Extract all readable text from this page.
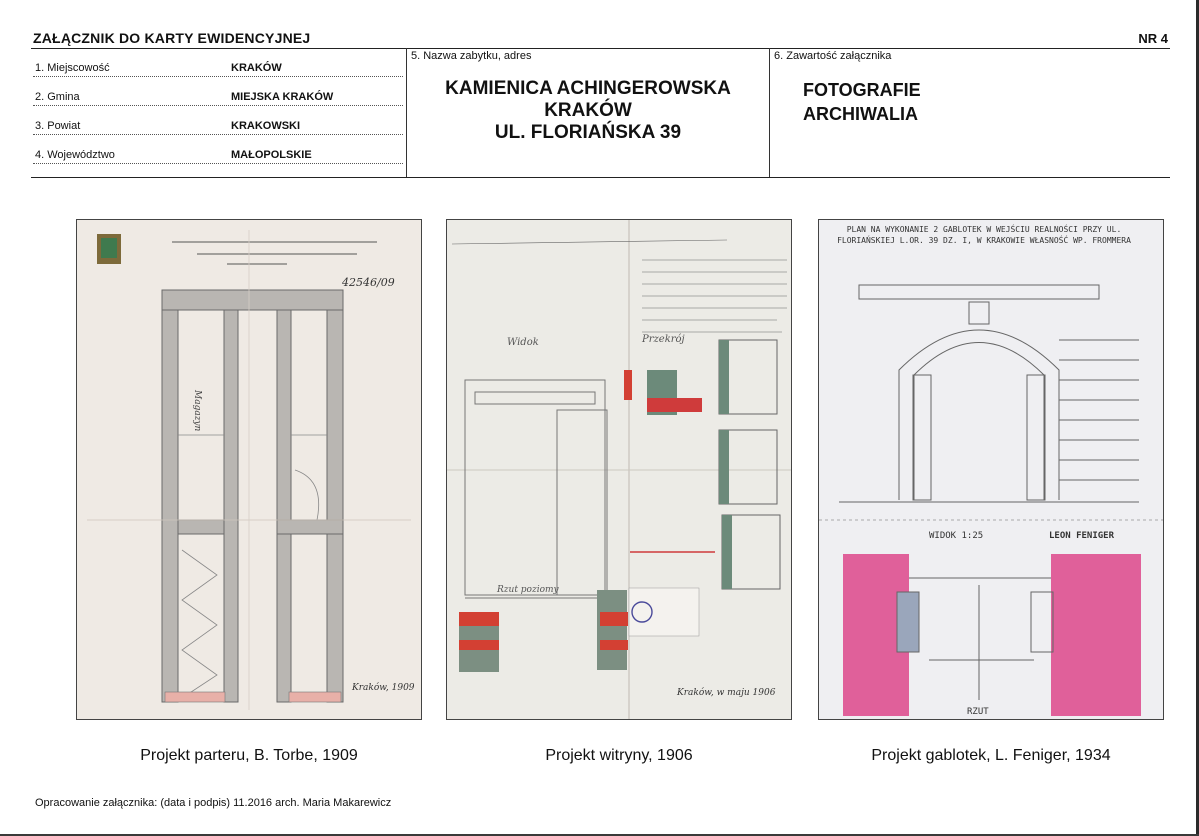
ZAŁĄCZNIK DO KARTY EWIDENCYJNEJ	NR 4
1. Miejscowość	KRAKÓW
2. Gmina	MIEJSKA KRAKÓW
3. Powiat	KRAKOWSKI
4. Województwo	MAŁOPOLSKIE
5. Nazwa zabytku, adres
KAMIENICA ACHINGEROWSKA
KRAKÓW
UL. FLORIAŃSKA 39
6. Zawartość załącznika
FOTOGRAFIE
ARCHIWALIA
42546/09
Magazyn
Kraków, 1909
Widok	Przekrój
Rzut poziomy
Kraków, w maju 1906
PLAN NA WYKONANIE 2 GABLOTEK W WEJŚCIU REALNOŚCI PRZY UL. FLORIAŃSKIEJ L.OR. 39 DZ. I, W KRAKOWIE WŁASNOŚĆ WP. FROMMERA
WIDOK 1:25	LEON FENIGER
RZUT
Projekt parteru, B. Torbe, 1909	Projekt witryny, 1906	Projekt gablotek, L. Feniger, 1934
Opracowanie załącznika: (data i podpis) 11.2016 arch. Maria Makarewicz
